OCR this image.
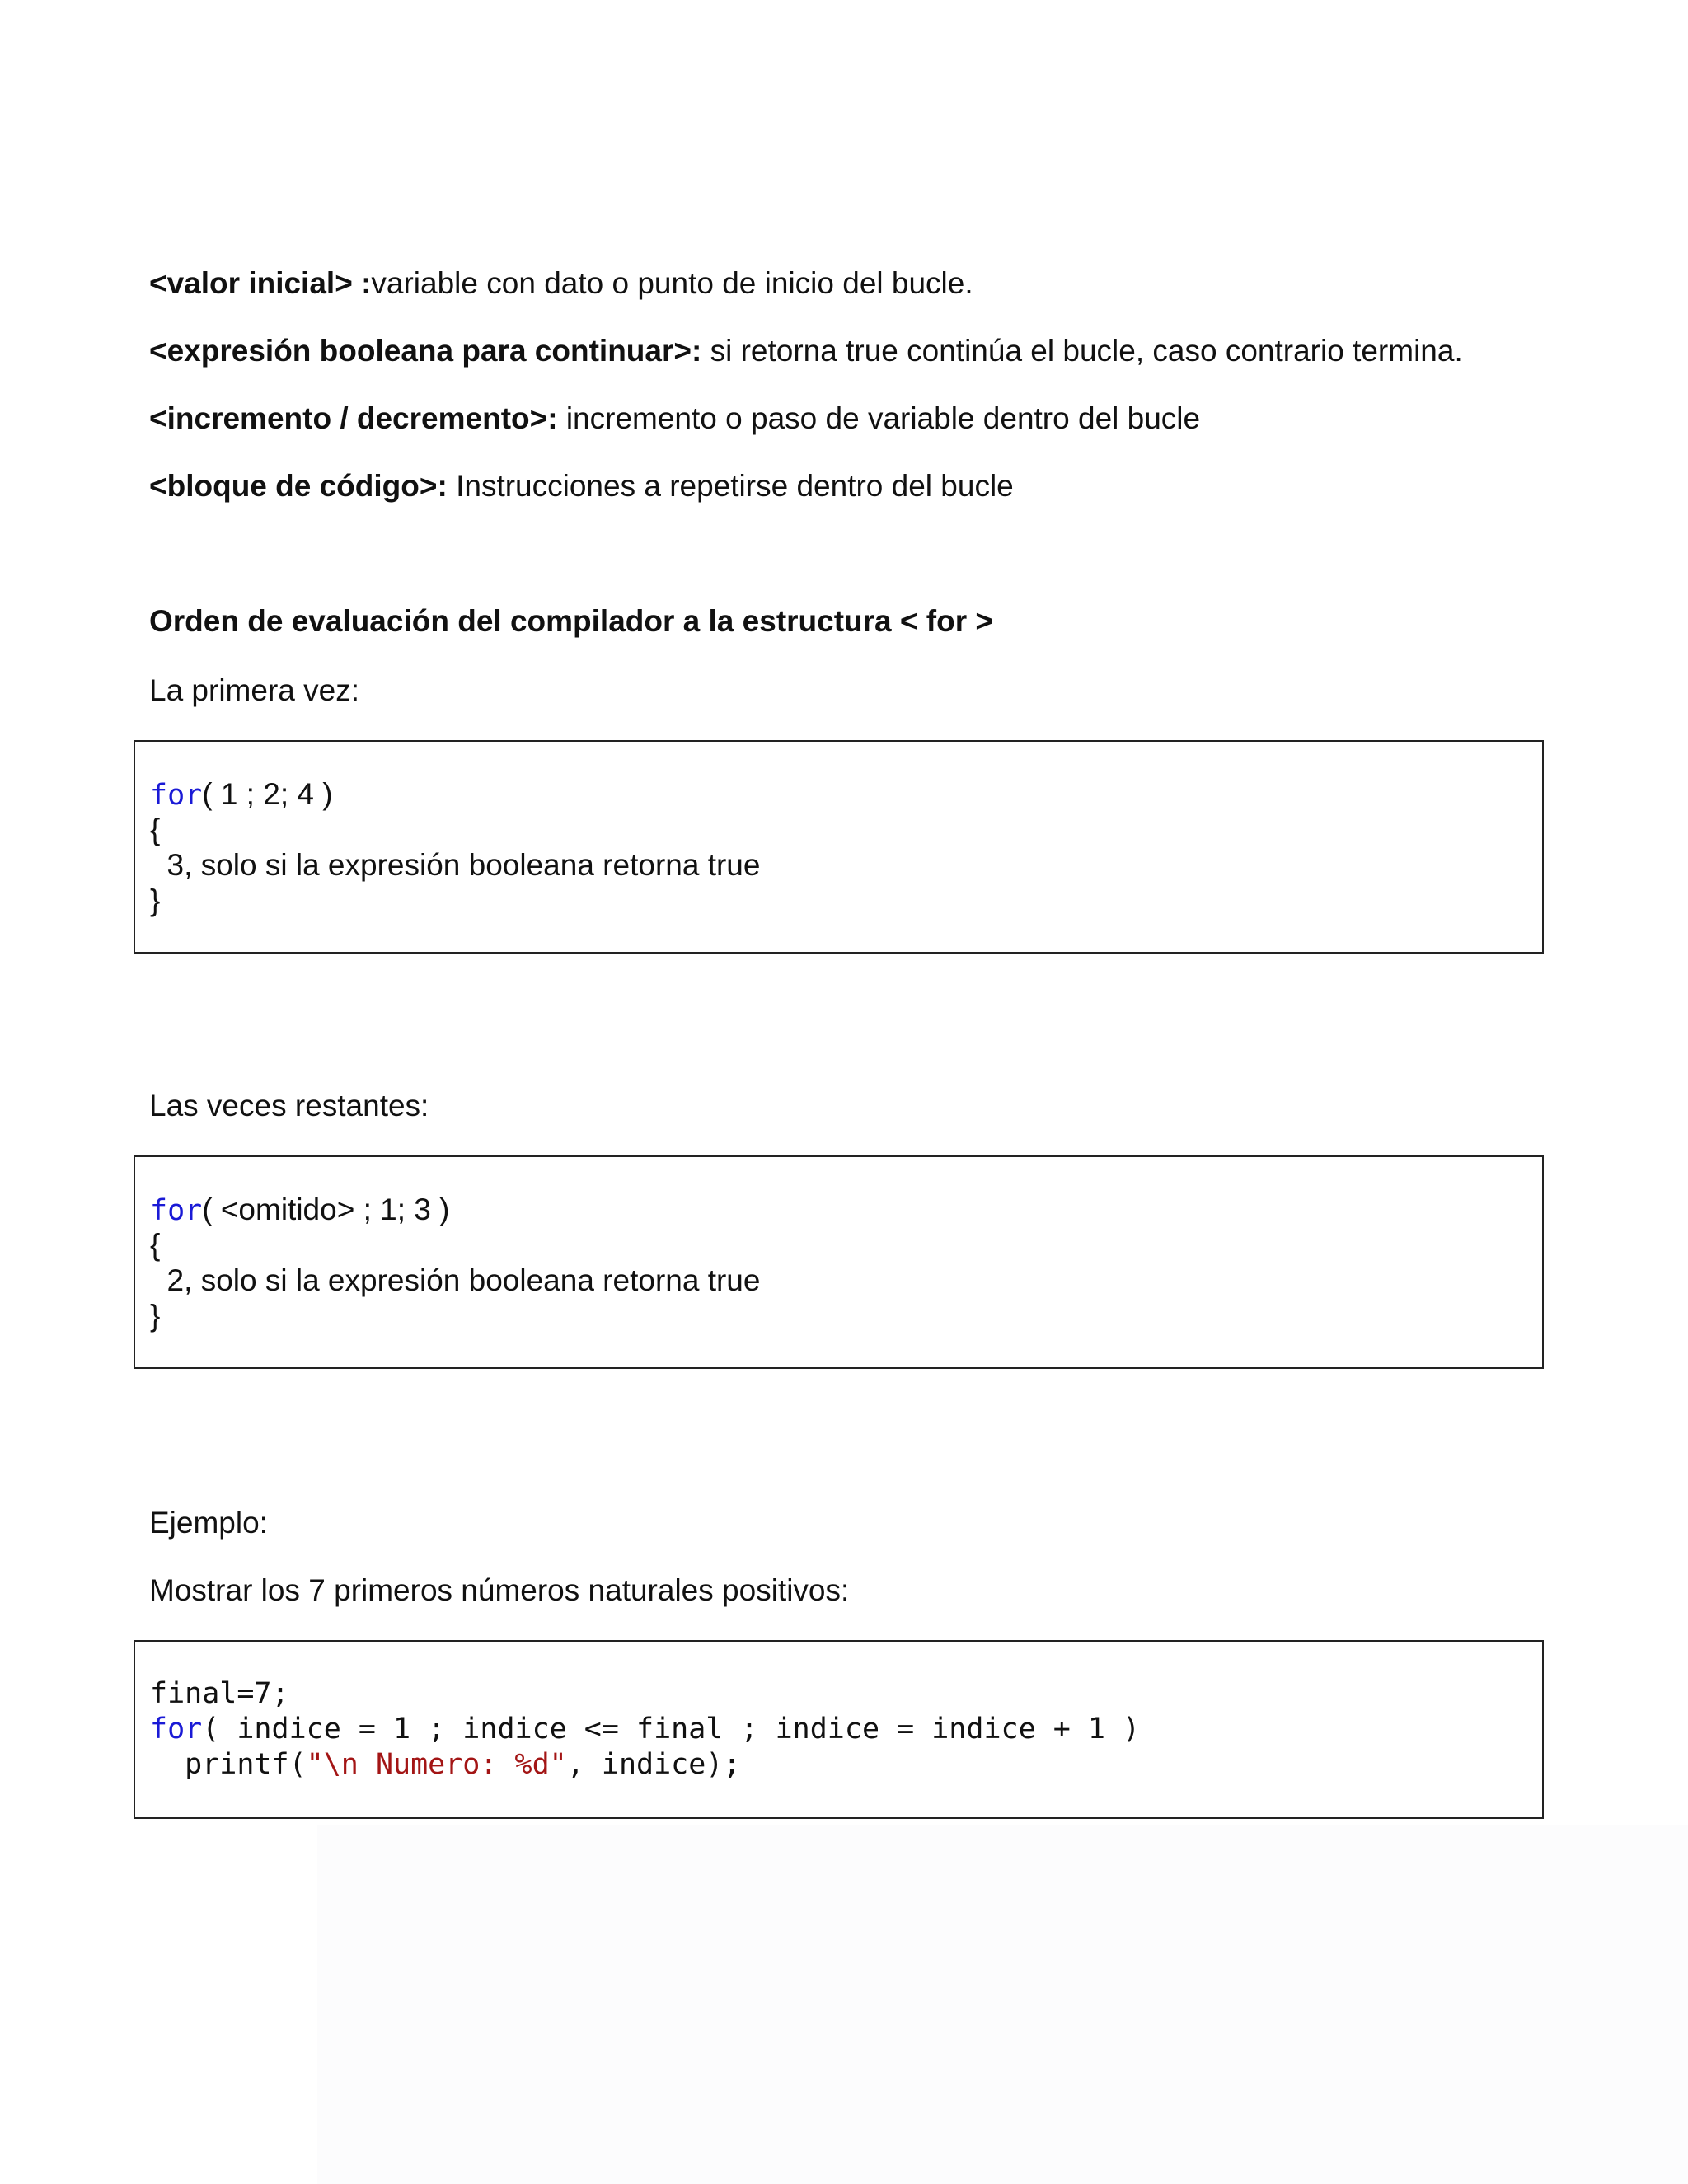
<valor inicial> :variable con dato o punto de inicio del bucle.

<expresión booleana para continuar>: si retorna true continúa el bucle, caso contrario termina.

<incremento / decremento>: incremento o paso de variable dentro del bucle

<bloque de código>: Instrucciones a repetirse dentro del bucle

Orden de evaluación del compilador a la estructura < for >

La primera vez:

for( 1 ; 2; 4 )
{
3, solo si la expresión booleana retorna true
}

Las veces restantes:

for( <omitido> ; 1; 3 )
{
2, solo si la expresión booleana retorna true
}

Ejemplo:

Mostrar los 7 primeros números naturales positivos:

final=7;
for( indice = 1 ; indice <= final ; indice = indice + 1 )
printf("\n Numero: %d", indice);
